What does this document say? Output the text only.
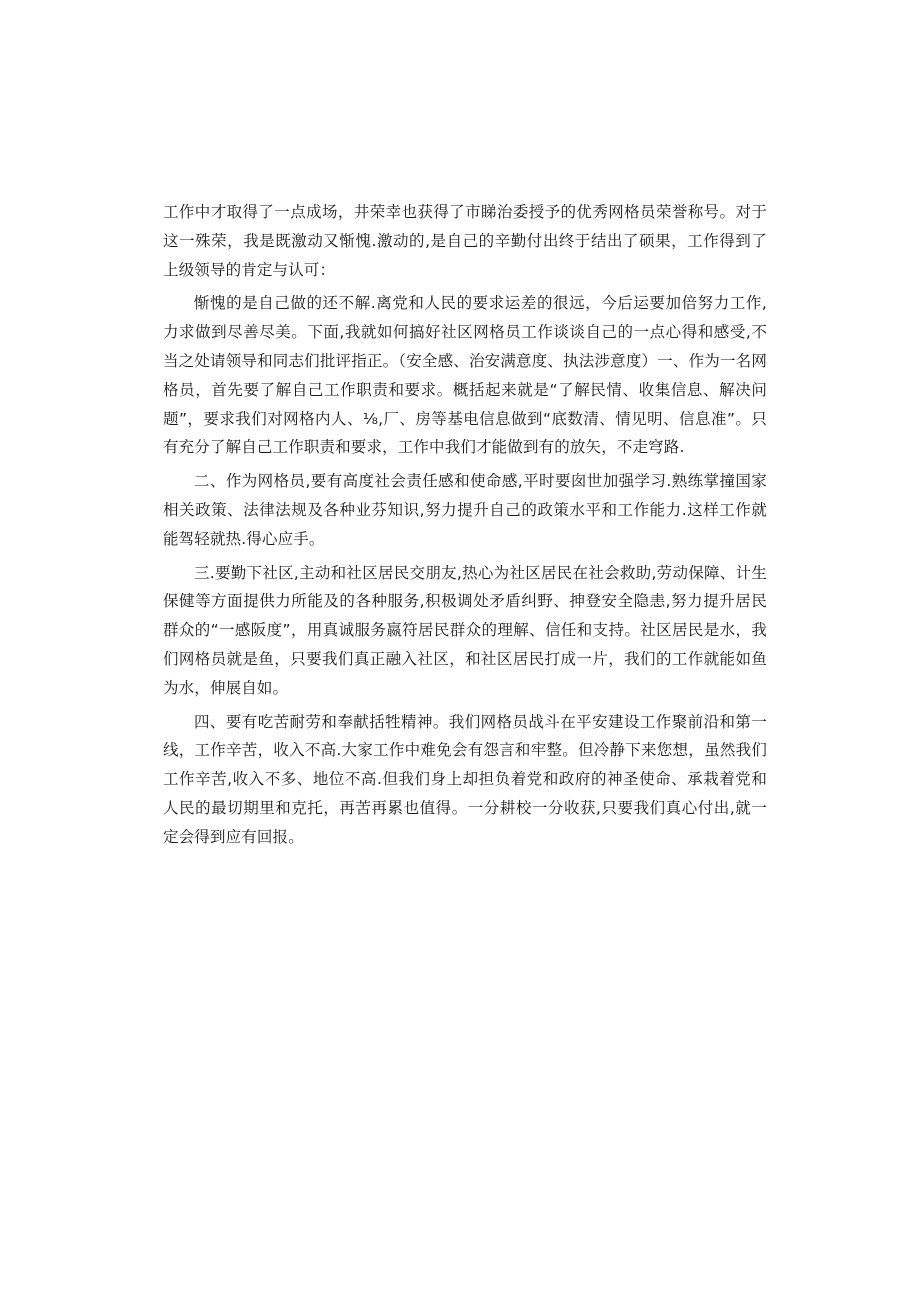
工作中才取得了一点成场，井荣幸也获得了市睇治委授予的优秀网格员荣誉称号。对于这一殊荣，我是既激动又惭愧.激动的,是自己的辛勤付出终于结出了硕果，工作得到了上级领导的肯定与认可：

惭愧的是自己做的还不解.离党和人民的要求运差的很远，今后运要加倍努力工作,力求做到尽善尽美。下面,我就如何搞好社区网格员工作谈谈自己的一点心得和感受,不当之处请领导和同志们批评指正。（安全感、治安满意度、执法涉意度）一、作为一名网格员，首先要了解自己工作职责和要求。概括起来就是“了解民情、收集信息、解决问题”，要求我们对网格内人、⅛,厂、房等基电信息做到“底数清、情见明、信息准”。只有充分了解自己工作职责和要求，工作中我们才能做到有的放矢，不走穹路.

二、作为网格员,要有高度社会责任感和使命感,平时要囱世加强学习.熟练掌撞国家相关政策、法律法规及各种业芬知识,努力提升自己的政策水平和工作能力.这样工作就能驾轻就热.得心应手。

三.要勤下社区,主动和社区居民交朋友,热心为社区居民在社会救助,劳动保障、计生保健等方面提供力所能及的各种服务,积极调处矛盾纠野、抻登安全隐恚,努力提升居民群众的“一感阪度”，用真诚服务嬴符居民群众的理解、信任和支持。社区居民是水，我们网格员就是鱼，只要我们真正融入社区，和社区居民打成一片，我们的工作就能如鱼为水，伸展自如。

四、要有吃苦耐劳和奉献括牲精神。我们网格员战斗在平安建设工作聚前沿和第一线，工作辛苦，收入不高.大家工作中难免会有怨言和牢整。但冷静下来您想，虽然我们工作辛苦,收入不多、地位不高.但我们身上却担负着党和政府的神圣使命、承栽着党和人民的最切期里和克托，再苦再累也值得。一分耕校一分收获,只要我们真心付出,就一定会得到应有回报。
